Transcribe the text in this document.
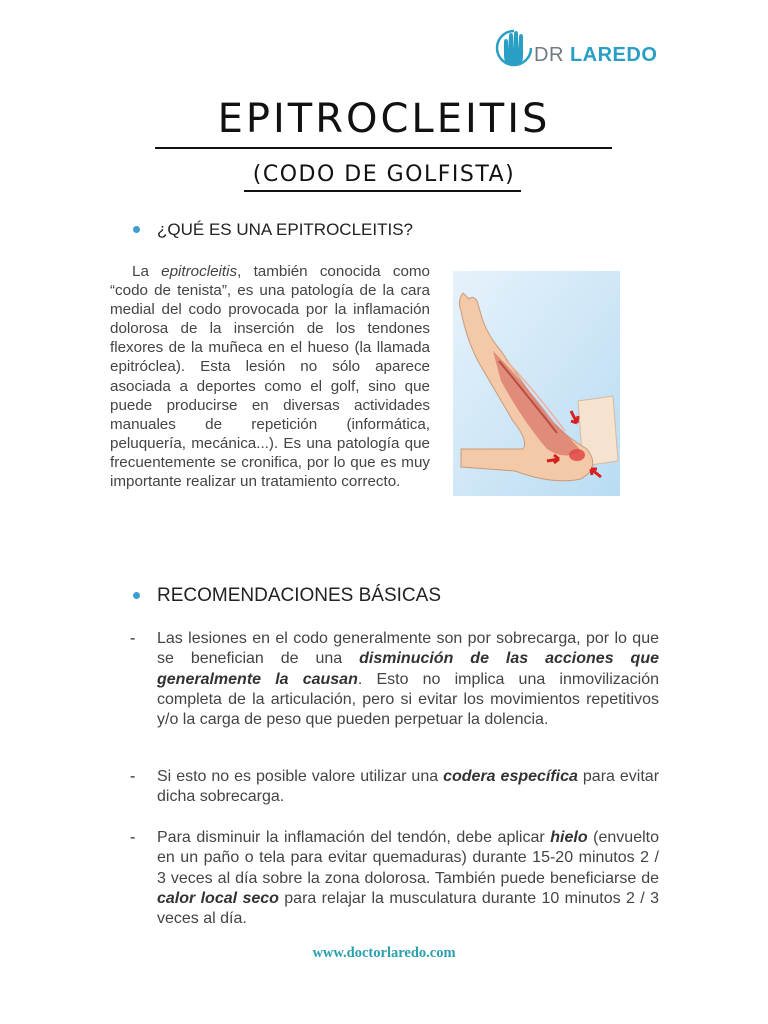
DR LAREDO
EPITROCLEITIS
(CODO DE GOLFISTA)
¿QUÉ ES UNA EPITROCLEITIS?
La epitrocleitis, también conocida como “codo de tenista”, es una patología de la cara medial del codo provocada por la inflamación dolorosa de la inserción de los tendones flexores de la muñeca en el hueso (la llamada epitróclea). Esta lesión no sólo aparece asociada a deportes como el golf, sino que puede producirse en diversas actividades manuales de repetición (informática, peluquería, mecánica...). Es una patología que frecuentemente se cronifica, por lo que es muy importante realizar un tratamiento correcto.
RECOMENDACIONES BÁSICAS
- Las lesiones en el codo generalmente son por sobrecarga, por lo que se benefician de una disminución de las acciones que generalmente la causan. Esto no implica una inmovilización completa de la articulación, pero si evitar los movimientos repetitivos y/o la carga de peso que pueden perpetuar la dolencia.
- Si esto no es posible valore utilizar una codera específica para evitar dicha sobrecarga.
- Para disminuir la inflamación del tendón, debe aplicar hielo (envuelto en un paño o tela para evitar quemaduras) durante 15-20 minutos 2 / 3 veces al día sobre la zona dolorosa. También puede beneficiarse de calor local seco para relajar la musculatura durante 10 minutos 2 / 3 veces al día.
www.doctorlaredo.com
